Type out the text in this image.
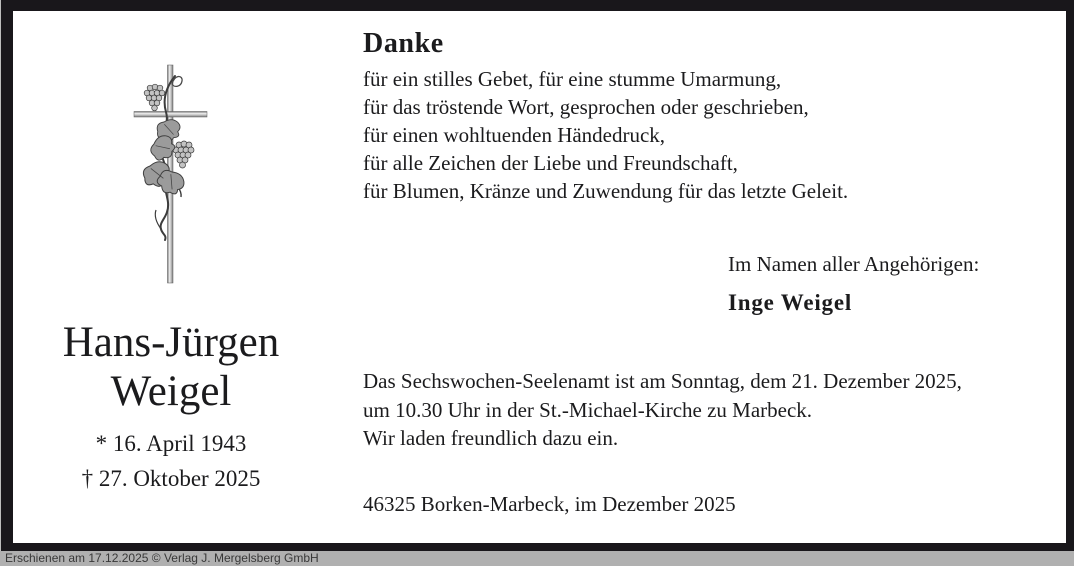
Danke
für ein stilles Gebet, für eine stumme Umarmung,
für das tröstende Wort, gesprochen oder geschrieben,
für einen wohltuenden Händedruck,
für alle Zeichen der Liebe und Freundschaft,
für Blumen, Kränze und Zuwendung für das letzte Geleit.
Im Namen aller Angehörigen:
Inge Weigel
Das Sechswochen-Seelenamt ist am Sonntag, dem 21. Dezember 2025,
um 10.30 Uhr in der St.-Michael-Kirche zu Marbeck.
Wir laden freundlich dazu ein.
46325 Borken-Marbeck, im Dezember 2025
Hans-Jürgen
Weigel
* 16. April 1943
† 27. Oktober 2025
Erschienen am 17.12.2025 © Verlag J. Mergelsberg GmbH
